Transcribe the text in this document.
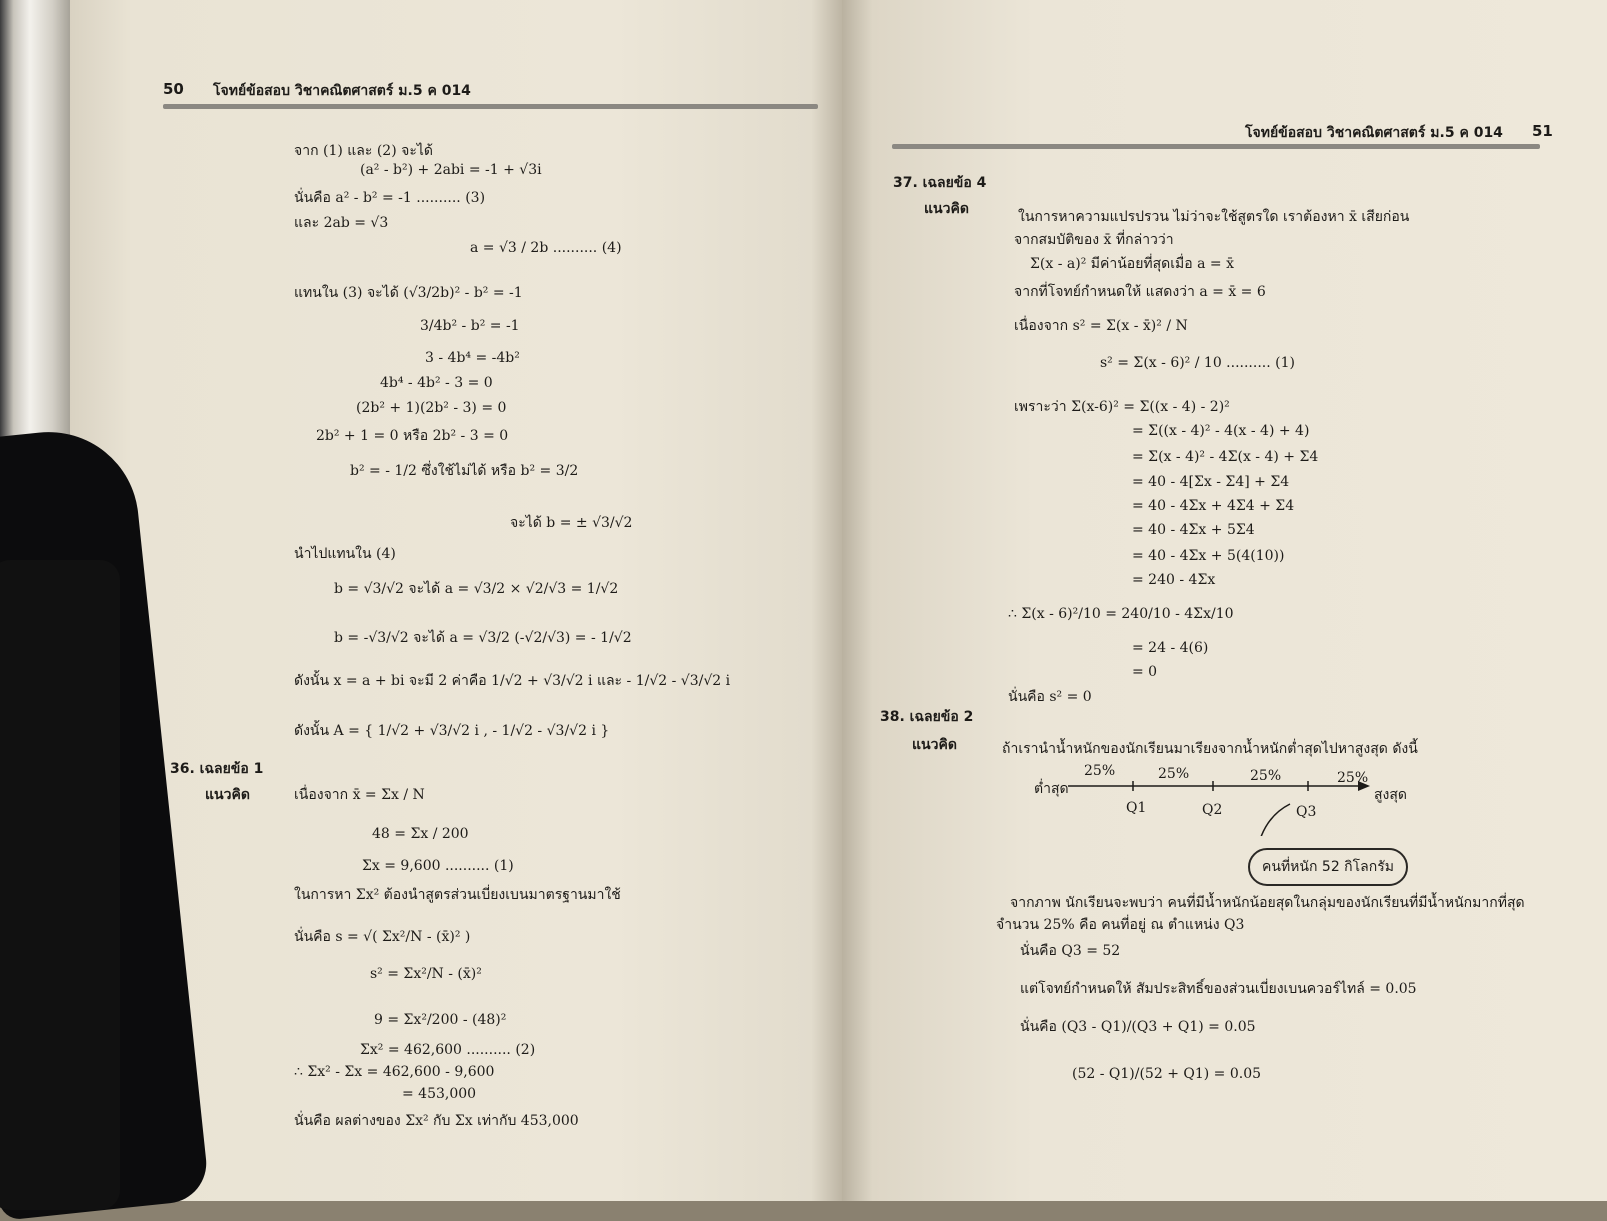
50 โจทย์ข้อสอบ วิชาคณิตศาสตร์ ม.5 ค 014
จาก (1) และ (2) จะได้
(a² - b²) + 2abi = -1 + √3i
นั่นคือ a² - b² = -1 .......... (3)
และ 2ab = √3
a = √3 / 2b .......... (4)
แทนใน (3) จะได้ (√3/2b)² - b² = -1
3/4b² - b² = -1
3 - 4b⁴ = -4b²
4b⁴ - 4b² - 3 = 0
(2b² + 1)(2b² - 3) = 0
2b² + 1 = 0 หรือ 2b² - 3 = 0
b² = - 1/2 ซึ่งใช้ไม่ได้ หรือ b² = 3/2
จะได้ b = ± √3/√2
นำไปแทนใน (4)
b = √3/√2 จะได้ a = √3/2 × √2/√3 = 1/√2
b = -√3/√2 จะได้ a = √3/2 (-√2/√3) = - 1/√2
ดังนั้น x = a + bi จะมี 2 ค่าคือ 1/√2 + √3/√2 i และ - 1/√2 - √3/√2 i
ดังนั้น A = { 1/√2 + √3/√2 i , - 1/√2 - √3/√2 i }
36. เฉลยข้อ 1
แนวคิด	เนื่องจาก x̄ = Σx / N
48 = Σx / 200
Σx = 9,600 .......... (1)
ในการหา Σx² ต้องนำสูตรส่วนเบี่ยงเบนมาตรฐานมาใช้
นั่นคือ s = √( Σx²/N - (x̄)² )
s² = Σx²/N - (x̄)²
9 = Σx²/200 - (48)²
Σx² = 462,600 .......... (2)
∴ Σx² - Σx = 462,600 - 9,600
= 453,000
นั่นคือ ผลต่างของ Σx² กับ Σx เท่ากับ 453,000
โจทย์ข้อสอบ วิชาคณิตศาสตร์ ม.5 ค 014 51
37. เฉลยข้อ 4
แนวคิด	ในการหาความแปรปรวน ไม่ว่าจะใช้สูตรใด เราต้องหา x̄ เสียก่อน
จากสมบัติของ x̄ ที่กล่าวว่า
Σ(x - a)² มีค่าน้อยที่สุดเมื่อ a = x̄
จากที่โจทย์กำหนดให้ แสดงว่า a = x̄ = 6
เนื่องจาก s² = Σ(x - x̄)² / N
s² = Σ(x - 6)² / 10 .......... (1)
เพราะว่า Σ(x-6)² = Σ((x - 4) - 2)²
= Σ((x - 4)² - 4(x - 4) + 4)
= Σ(x - 4)² - 4Σ(x - 4) + Σ4
= 40 - 4[Σx - Σ4] + Σ4
= 40 - 4Σx + 4Σ4 + Σ4
= 40 - 4Σx + 5Σ4
= 40 - 4Σx + 5(4(10))
= 240 - 4Σx
∴ Σ(x - 6)²/10 = 240/10 - 4Σx/10
= 24 - 4(6)
= 0
นั่นคือ s² = 0
38. เฉลยข้อ 2
แนวคิด	ถ้าเรานำน้ำหนักของนักเรียนมาเรียงจากน้ำหนักต่ำสุดไปหาสูงสุด ดังนี้
ต่ำสุด	สูงสุด
25%	25%	25%	25%
Q1	Q2	Q3
คนที่หนัก 52 กิโลกรัม
จากภาพ นักเรียนจะพบว่า คนที่มีน้ำหนักน้อยสุดในกลุ่มของนักเรียนที่มีน้ำหนักมากที่สุด
จำนวน 25% คือ คนที่อยู่ ณ ตำแหน่ง Q3
นั่นคือ Q3 = 52
แต่โจทย์กำหนดให้ สัมประสิทธิ์ของส่วนเบี่ยงเบนควอร์ไทล์ = 0.05
นั่นคือ (Q3 - Q1)/(Q3 + Q1) = 0.05
(52 - Q1)/(52 + Q1) = 0.05
